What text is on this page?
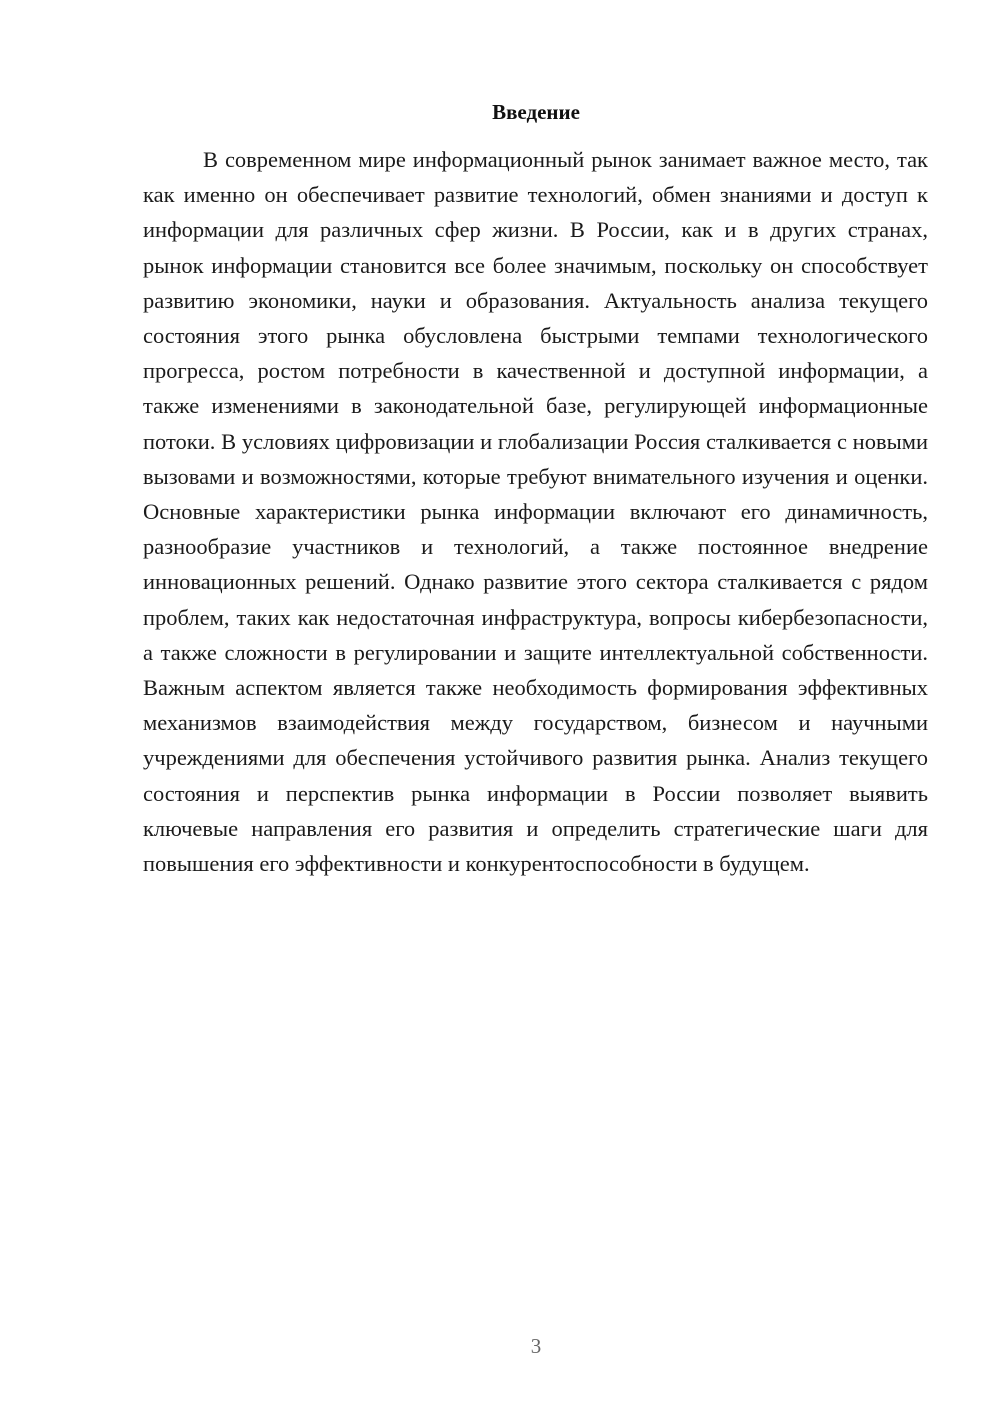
Введение

В современном мире информационный рынок занимает важное место, так как именно он обеспечивает развитие технологий, обмен знаниями и доступ к информации для различных сфер жизни. В России, как и в других странах, рынок информации становится все более значимым, поскольку он способствует развитию экономики, науки и образования. Актуальность анализа текущего состояния этого рынка обусловлена быстрыми темпами технологического прогресса, ростом потребности в качественной и доступной информации, а также изменениями в законодательной базе, регулирующей информационные потоки. В условиях цифровизации и глобализации Россия сталкивается с новыми вызовами и возможностями, которые требуют внимательного изучения и оценки. Основные характеристики рынка информации включают его динамичность, разнообразие участников и технологий, а также постоянное внедрение инновационных решений. Однако развитие этого сектора сталкивается с рядом проблем, таких как недостаточная инфраструктура, вопросы кибербезопасности, а также сложности в регулировании и защите интеллектуальной собственности. Важным аспектом является также необходимость формирования эффективных механизмов взаимодействия между государством, бизнесом и научными учреждениями для обеспечения устойчивого развития рынка. Анализ текущего состояния и перспектив рынка информации в России позволяет выявить ключевые направления его развития и определить стратегические шаги для повышения его эффективности и конкурентоспособности в будущем.

3
